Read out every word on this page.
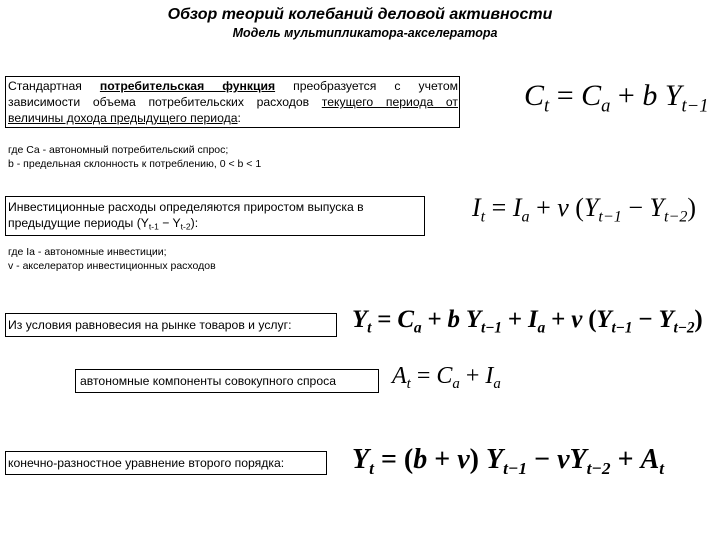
Обзор теорий колебаний деловой активности
Модель мультипликатора-акселератора
Стандартная потребительская функция преобразуется с учетом зависимости объема потребительских расходов текущего периода от величины дохода предыдущего периода:
$C_t = C_a + b$ $Y_{t-1}$
где Ca - автономный потребительский спрос;
b - предельная склонность к потреблению, 0 < b < 1
Инвестиционные расходы определяются приростом выпуска в
предыдущие периоды $(Y_{t-1} - Y_{t-2})$:
$I_t = I_a + v$ $(Y_{t-1} - Y_{t-2})$
где Ia - автономные инвестиции;
v - акселератор инвестиционных расходов
Из условия равновесия на рынке товаров и услуг: $Y_t = C_a + b$ $Y_{t-1} + I_a + v$ $(Y_{t-1} - Y_{t-2})$
автономные компоненты совокупного спроса $A_t = C_a + I_a$
конечно-разностное уравнение второго порядка: $Y_t = (b + v) Y_{t-1} - vY_{t-2} + A_t$
